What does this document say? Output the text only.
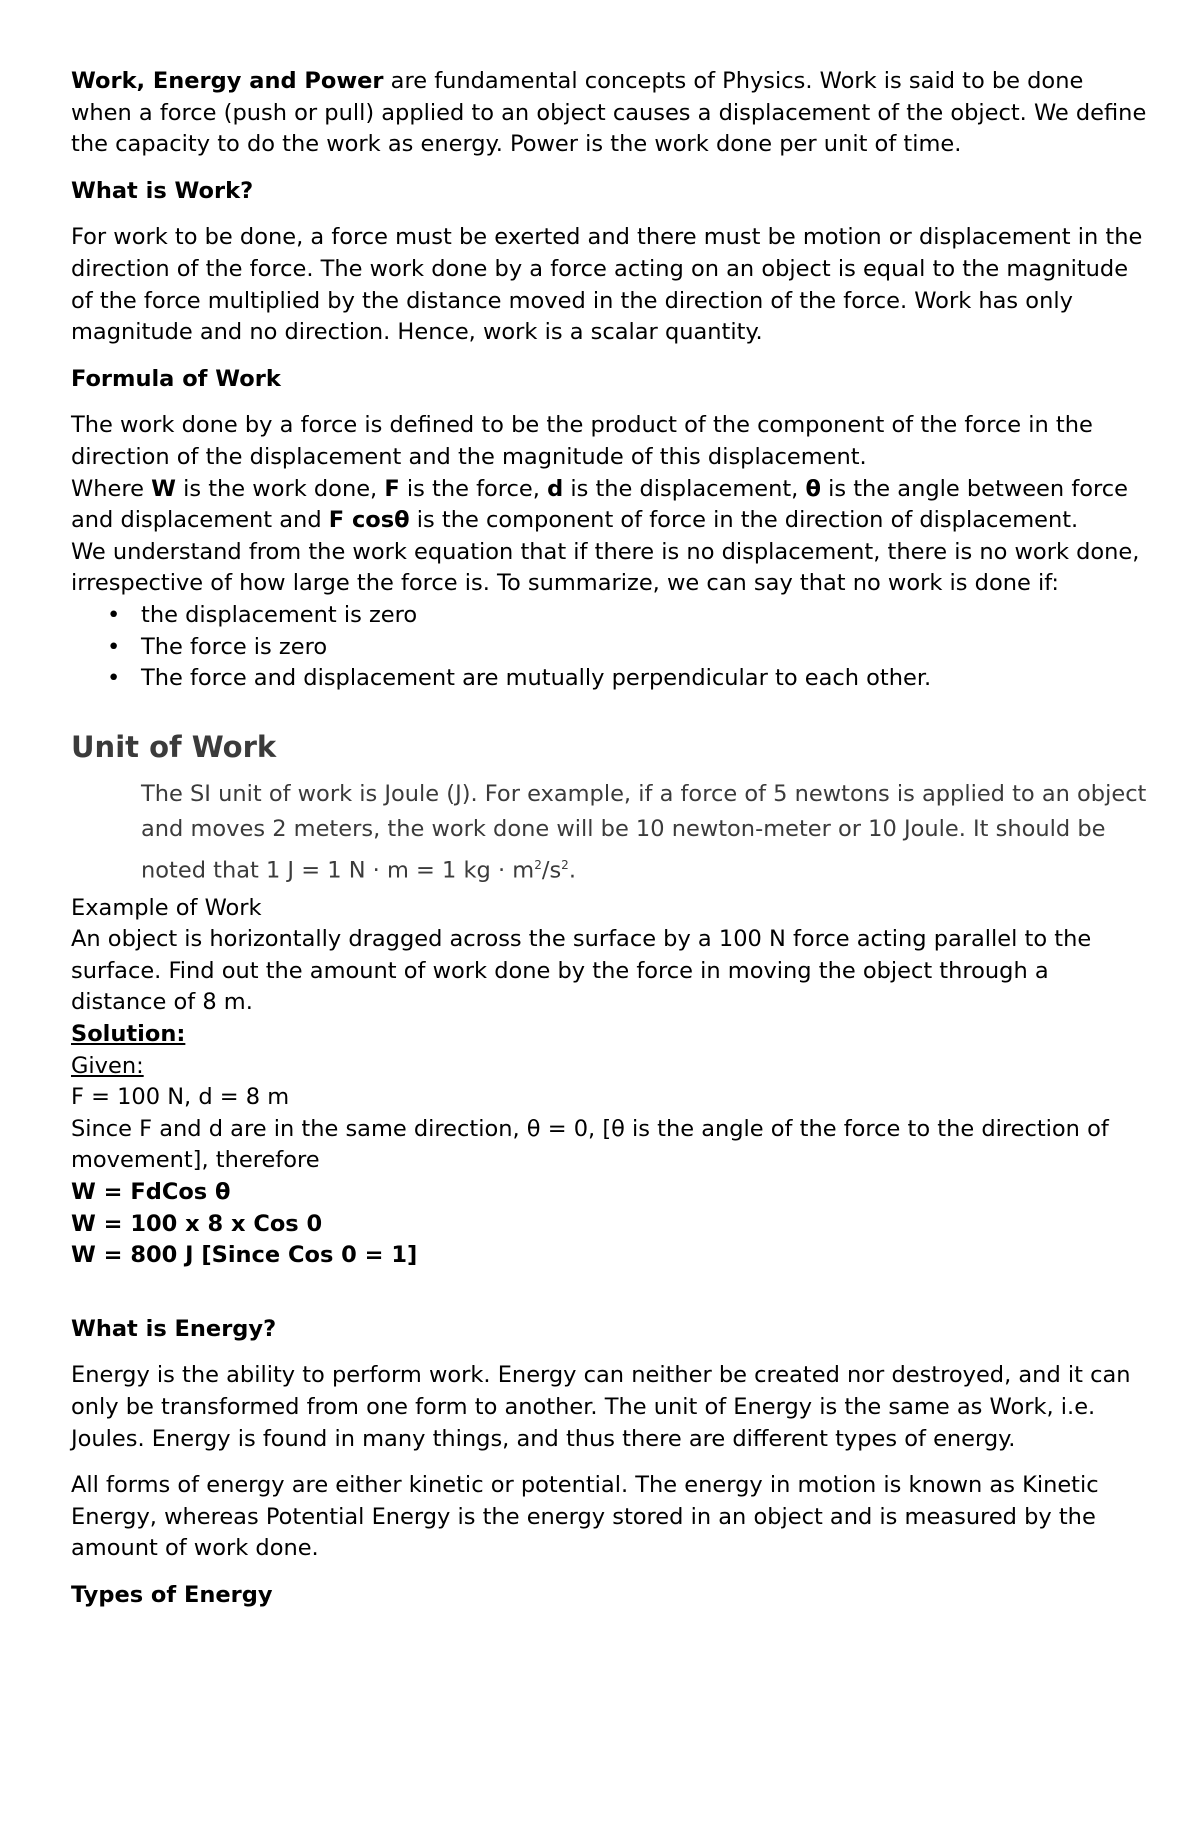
Work, Energy and Power are fundamental concepts of Physics. Work is said to be done when a force (push or pull) applied to an object causes a displacement of the object. We define the capacity to do the work as energy. Power is the work done per unit of time.

What is Work?

For work to be done, a force must be exerted and there must be motion or displacement in the direction of the force. The work done by a force acting on an object is equal to the magnitude of the force multiplied by the distance moved in the direction of the force. Work has only magnitude and no direction. Hence, work is a scalar quantity.

Formula of Work

The work done by a force is defined to be the product of the component of the force in the direction of the displacement and the magnitude of this displacement.

Where W is the work done, F is the force, d is the displacement, θ is the angle between force and displacement and F cosθ is the component of force in the direction of displacement.

We understand from the work equation that if there is no displacement, there is no work done, irrespective of how large the force is. To summarize, we can say that no work is done if:

• the displacement is zero
• The force is zero
• The force and displacement are mutually perpendicular to each other.
Unit of Work
The SI unit of work is Joule (J). For example, if a force of 5 newtons is applied to an object and moves 2 meters, the work done will be 10 newton-meter or 10 Joule. It should be noted that 1 J = 1 N · m = 1 kg · $m^2/s^2$.

Example of Work

An object is horizontally dragged across the surface by a 100 N force acting parallel to the surface. Find out the amount of work done by the force in moving the object through a distance of 8 m.

Solution:

Given:

F = 100 N, d = 8 m

Since F and d are in the same direction, θ = 0, [θ is the angle of the force to the direction of movement], therefore

W = FdCos θ

W = 100 x 8 x Cos 0

W = 800 J [Since Cos 0 = 1]

What is Energy?

Energy is the ability to perform work. Energy can neither be created nor destroyed, and it can only be transformed from one form to another. The unit of Energy is the same as Work, i.e. Joules. Energy is found in many things, and thus there are different types of energy.

All forms of energy are either kinetic or potential. The energy in motion is known as Kinetic Energy, whereas Potential Energy is the energy stored in an object and is measured by the amount of work done.

Types of Energy
